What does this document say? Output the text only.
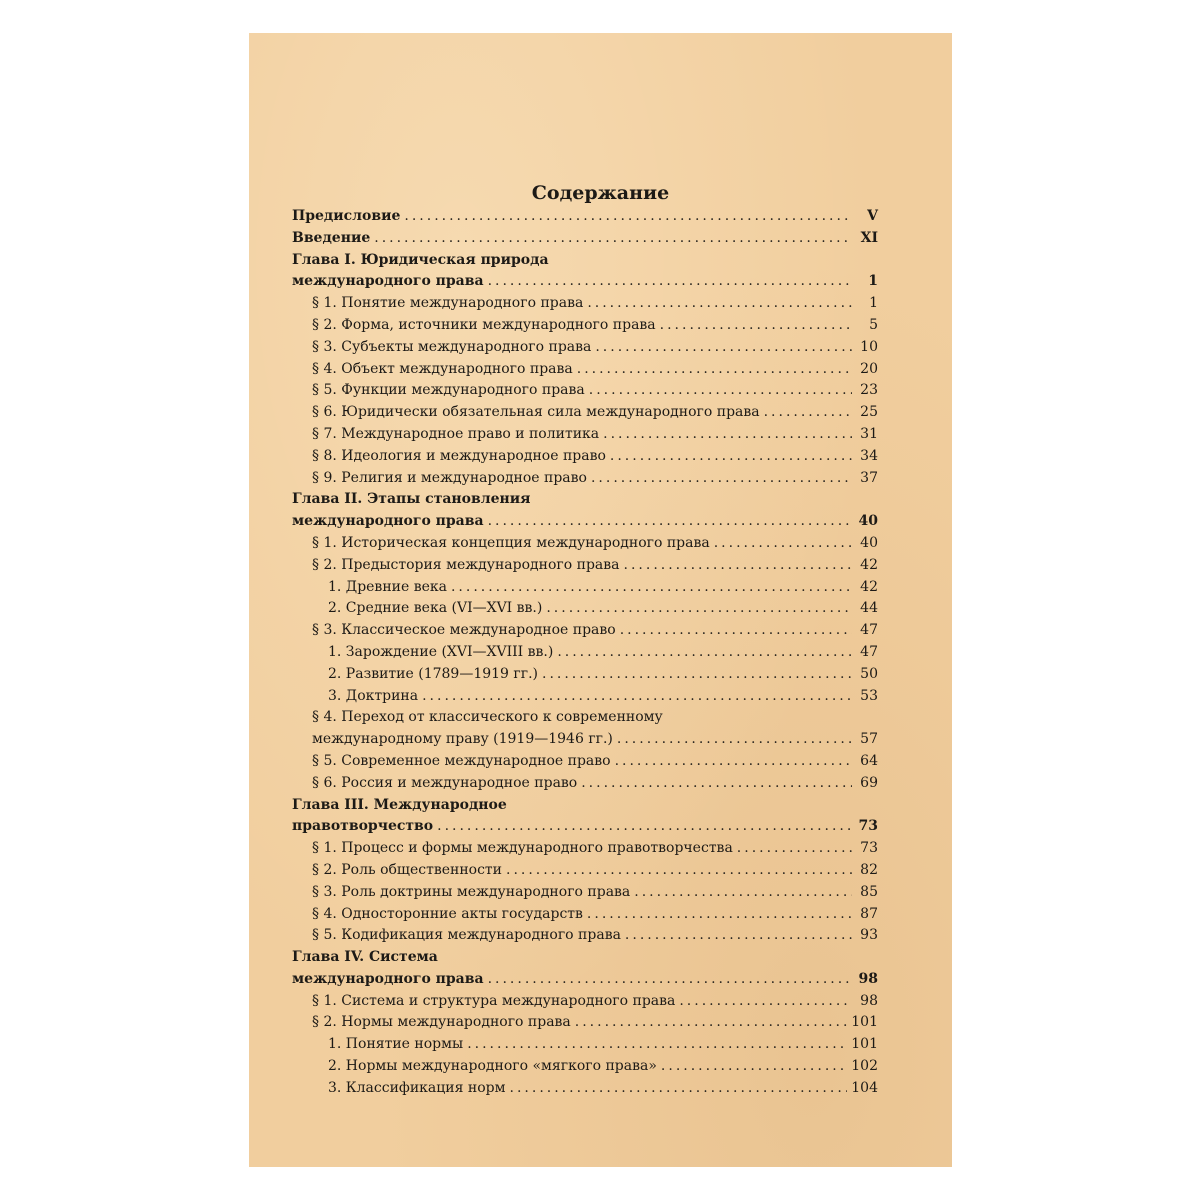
Содержание
Предисловие .....	V
Введение .....	XI
Глава I. Юридическая природа
международного права .....	1
§ 1. Понятие международного права .....	1
§ 2. Форма, источники международного права .....	5
§ 3. Субъекты международного права .....	10
§ 4. Объект международного права .....	20
§ 5. Функции международного права .....	23
§ 6. Юридически обязательная сила международного права .....	25
§ 7. Международное право и политика .....	31
§ 8. Идеология и международное право .....	34
§ 9. Религия и международное право .....	37
Глава II. Этапы становления
международного права .....	40
§ 1. Историческая концепция международного права .....	40
§ 2. Предыстория международного права .....	42
1. Древние века .....	42
2. Средние века (VI—XVI вв.) .....	44
§ 3. Классическое международное право .....	47
1. Зарождение (XVI—XVIII вв.) .....	47
2. Развитие (1789—1919 гг.) .....	50
3. Доктрина .....	53
§ 4. Переход от классического к современному
международному праву (1919—1946 гг.) .....	57
§ 5. Современное международное право .....	64
§ 6. Россия и международное право .....	69
Глава III. Международное
правотворчество .....	73
§ 1. Процесс и формы международного правотворчества .....	73
§ 2. Роль общественности .....	82
§ 3. Роль доктрины международного права .....	85
§ 4. Односторонние акты государств .....	87
§ 5. Кодификация международного права .....	93
Глава IV. Система
международного права .....	98
§ 1. Система и структура международного права .....	98
§ 2. Нормы международного права .....	101
1. Понятие нормы .....	101
2. Нормы международного «мягкого права» .....	102
3. Классификация норм .....	104
